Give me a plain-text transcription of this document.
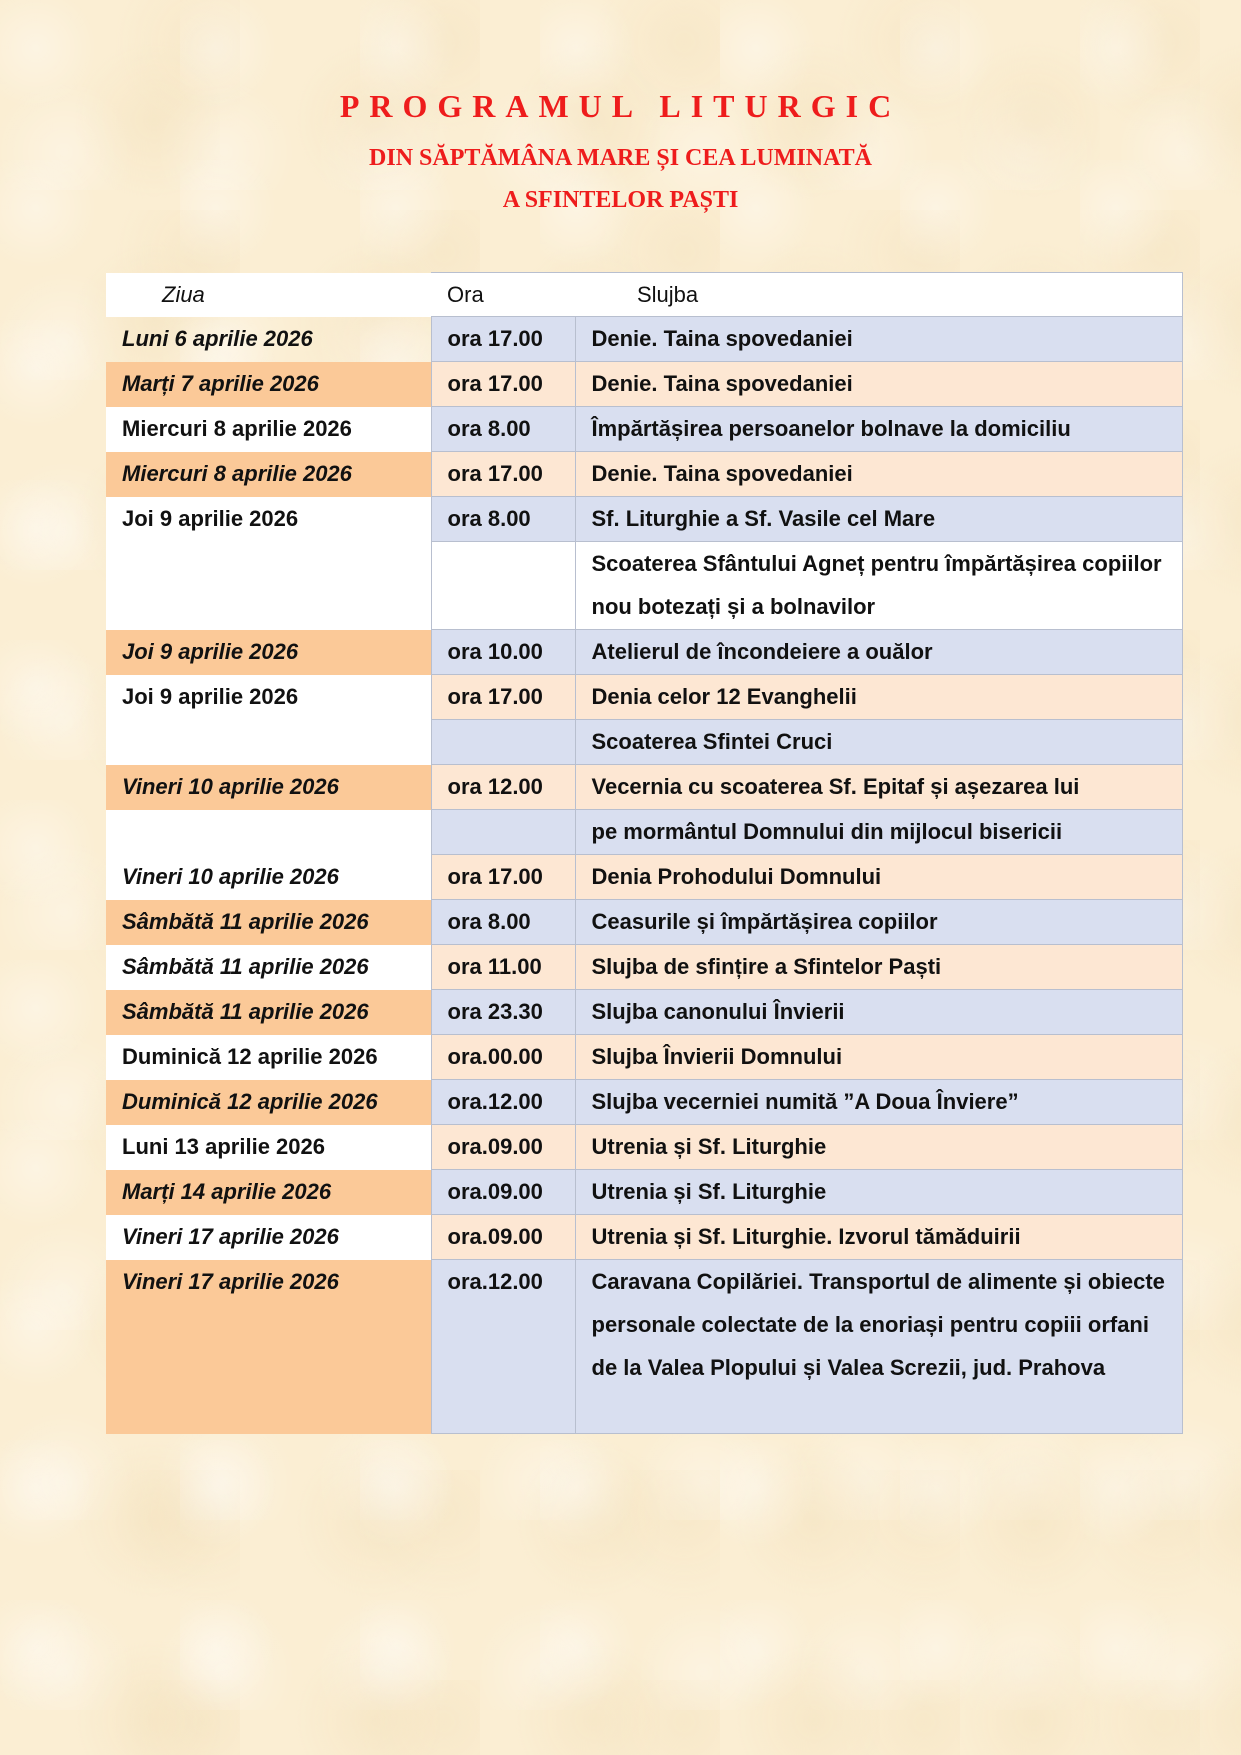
PROGRAMUL LITURGIC
DIN SĂPTĂMÂNA MARE ȘI CEA LUMINATĂ
A SFINTELOR PAȘTI
Ziua	Ora	Slujba
Luni 6 aprilie 2026	ora 17.00	Denie. Taina spovedaniei
Marți 7 aprilie 2026	ora 17.00	Denie. Taina spovedaniei
Miercuri 8 aprilie 2026	ora 8.00	Împărtășirea persoanelor bolnave la domiciliu
Miercuri 8 aprilie 2026	ora 17.00	Denie. Taina spovedaniei
Joi 9 aprilie 2026	ora 8.00	Sf. Liturghie a Sf. Vasile cel Mare
		Scoaterea Sfântului Agneț pentru împărtășirea copiilor nou botezați și a bolnavilor
Joi 9 aprilie 2026	ora 10.00	Atelierul de încondeiere a ouălor
Joi 9 aprilie 2026	ora 17.00	Denia celor 12 Evanghelii
		Scoaterea Sfintei Cruci
Vineri 10 aprilie 2026	ora 12.00	Vecernia cu scoaterea Sf. Epitaf și așezarea lui
		pe mormântul Domnului din mijlocul bisericii
Vineri 10 aprilie 2026	ora 17.00	Denia Prohodului Domnului
Sâmbătă 11 aprilie 2026	ora 8.00	Ceasurile și împărtășirea copiilor
Sâmbătă 11 aprilie 2026	ora 11.00	Slujba de sfințire a Sfintelor Paști
Sâmbătă 11 aprilie 2026	ora 23.30	Slujba canonului Învierii
Duminică 12 aprilie 2026	ora.00.00	Slujba Învierii Domnului
Duminică 12 aprilie 2026	ora.12.00	Slujba vecerniei numită ”A Doua Înviere”
Luni 13 aprilie 2026	ora.09.00	Utrenia și Sf. Liturghie
Marți 14 aprilie 2026	ora.09.00	Utrenia și Sf. Liturghie
Vineri 17 aprilie 2026	ora.09.00	Utrenia și Sf. Liturghie. Izvorul tămăduirii
Vineri 17 aprilie 2026	ora.12.00	Caravana Copilăriei. Transportul de alimente și obiecte personale colectate de la enoriași pentru copiii orfani de la Valea Plopului și Valea Screzii, jud. Prahova
